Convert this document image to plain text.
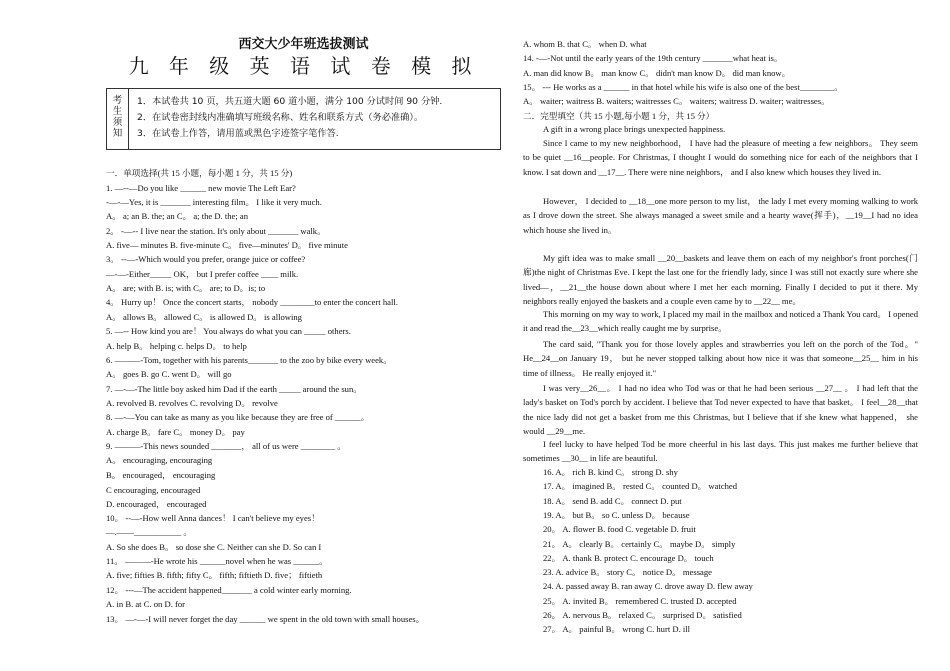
西交大少年班选拔测试
九 年 级 英 语 试 卷 模 拟
考生须知
1．本试卷共 10 页，共五道大题 60 道小题，满分 100 分试时间 90 分钟.
2．在试卷密封线内准确填写班级名称、姓名和联系方式（务必准确）。
3．在试卷上作答，请用蓝或黑色字迹签字笔作答.
一．单项选择(共 15 小题，每小题 1 分，共 15 分)
1. —--—Do you like ______ new movie The Left Ear?
-—-—Yes, it is _______ interesting film。 I like it very much.
A。 a; an B. the; an C。 a; the D. the; an
2。 -—-- I live near the station. It's only about _______ walk。
A. five— minutes B. five-minute C。 five—minutes' D。 five minute
3。 --—-Which would you prefer, orange juice or coffee?
—-—-Either_____ OK， but I prefer coffee ____ milk.
A。 are; with B. is; with C。 are; to D。is; to
4。 Hurry up！ Once the concert starts， nobody ________to enter the concert hall.
A。 allows B。 allowed C。 is allowed D。 is allowing
5. —-- How kind you are！ You always do what you can _____ others.
A. help B。 helping c. helps D。 to help
6. ———-Tom, together with his parents_______ to the zoo by bike every week。
A。 goes B. go C. went D。 will go
7. —-—-The little boy asked him Dad if the earth _____ around the sun。
A. revolved B. revolves C. revolving D。 revolve
8. —-—You can take as many as you like because they are free of ______。
A. charge B。 fare C。 money D。 pay
9. ———-This news sounded _______， all of us were ________ 。
A。 encouraging, encouraging
B。 encouraged， encouraging
C encouraging, encouraged
D. encouraged， encouraged
10。 --—-How well Anna dances！ I can't believe my eyes！
—.——___________ 。
A. So she does B。 so dose she C. Neither can she D. So can I
11。 ———-He wrote his ______novel when he was ______。
A. five; fifties B. fifth; fifty C。 fifth; fiftieth D. five； fiftieth
12。 ---—The accident happened_______ a cold winter early morning.
A. in B. at C. on D. for
13。 —-—-I will never forget the day ______ we spent in the old town with small houses。
A. whom B. that C。 when D. what
14. -—-Not until the early years of the 19th century _______what heat is。
A. man did know B。 man know C。 didn't man know D。 did man know。
15。 --- He works as a ______ in that hotel while his wife is also one of the best________。
A。 waiter; waitress B. waiters; waitresses C。 waiters; waitress D. waiter; waitresses。
二．完型填空（共 15 小题,每小题 1 分，共 15 分）
A gift in a wrong place brings unexpected happiness.
Since I came to my new neighborhood， I have had the pleasure of meeting a few neighbors。 They seem to be quiet __16__people. For Christmas, I thought I would do something nice for each of the neighbors that I know. I sat down and __17__. There were nine neighbors， and I also knew which houses they lived in.
However， I decided to __18__one more person to my list， the lady I met every morning walking to work as I drove down the street. She always managed a sweet smile and a hearty wave(挥手)，__19__I had no idea which house she lived in。
My gift idea was to make small __20__baskets and leave them on each of my neighbor's front porches(门廊)the night of Christmas Eve. I kept the last one for the friendly lady, since I was still not exactly sure where she lived—，__21__the house down about where I met her each morning. Finally I decided to put it there. My neighbors really enjoyed the baskets and a couple even came by to __22__ me。
This morning on my way to work, I placed my mail in the mailbox and noticed a Thank You card。 I opened it and read the__23__which really caught me by surprise。
The card said, "Thank you for those lovely apples and strawberries you left on the porch of the Tod。" He__24__on January 19， but he never stopped talking about how nice it was that someone__25__ him in his time of illness。 He really enjoyed it."
I was very__26__。 I had no idea who Tod was or that he had been serious __27__ 。 I had left that the lady's basket on Tod's porch by accident. I believe that Tod never expected to have that basket。 I feel__28__that the nice lady did not get a basket from me this Christmas, but I believe that if she knew what happened， she would __29__me.
I feel lucky to have helped Tod be more cheerful in his last days. This just makes me further believe that sometimes __30__ in life are beautiful.
16. A。 rich B. kind C。 strong D. shy
17. A。 imagined B。 rested C。 counted D。 watched
18. A。 send B. add C。 connect D. put
19. A。 but B。 so C. unless D。 because
20。 A. flower B. food C. vegetable D. fruit
21。 A。 clearly B。 certainly C。 maybe D。 simply
22。 A. thank B. protect C. encourage D。 touch
23. A. advice B。 story C。 notice D。 message
24. A. passed away B. ran away C. drove away D. flew away
25。 A. invited B。 remembered C. trusted D. accepted
26。 A. nervous B。 relaxed C。 surprised D。 satisfied
27。 A。 painful B。 wrong C. hurt D. ill
